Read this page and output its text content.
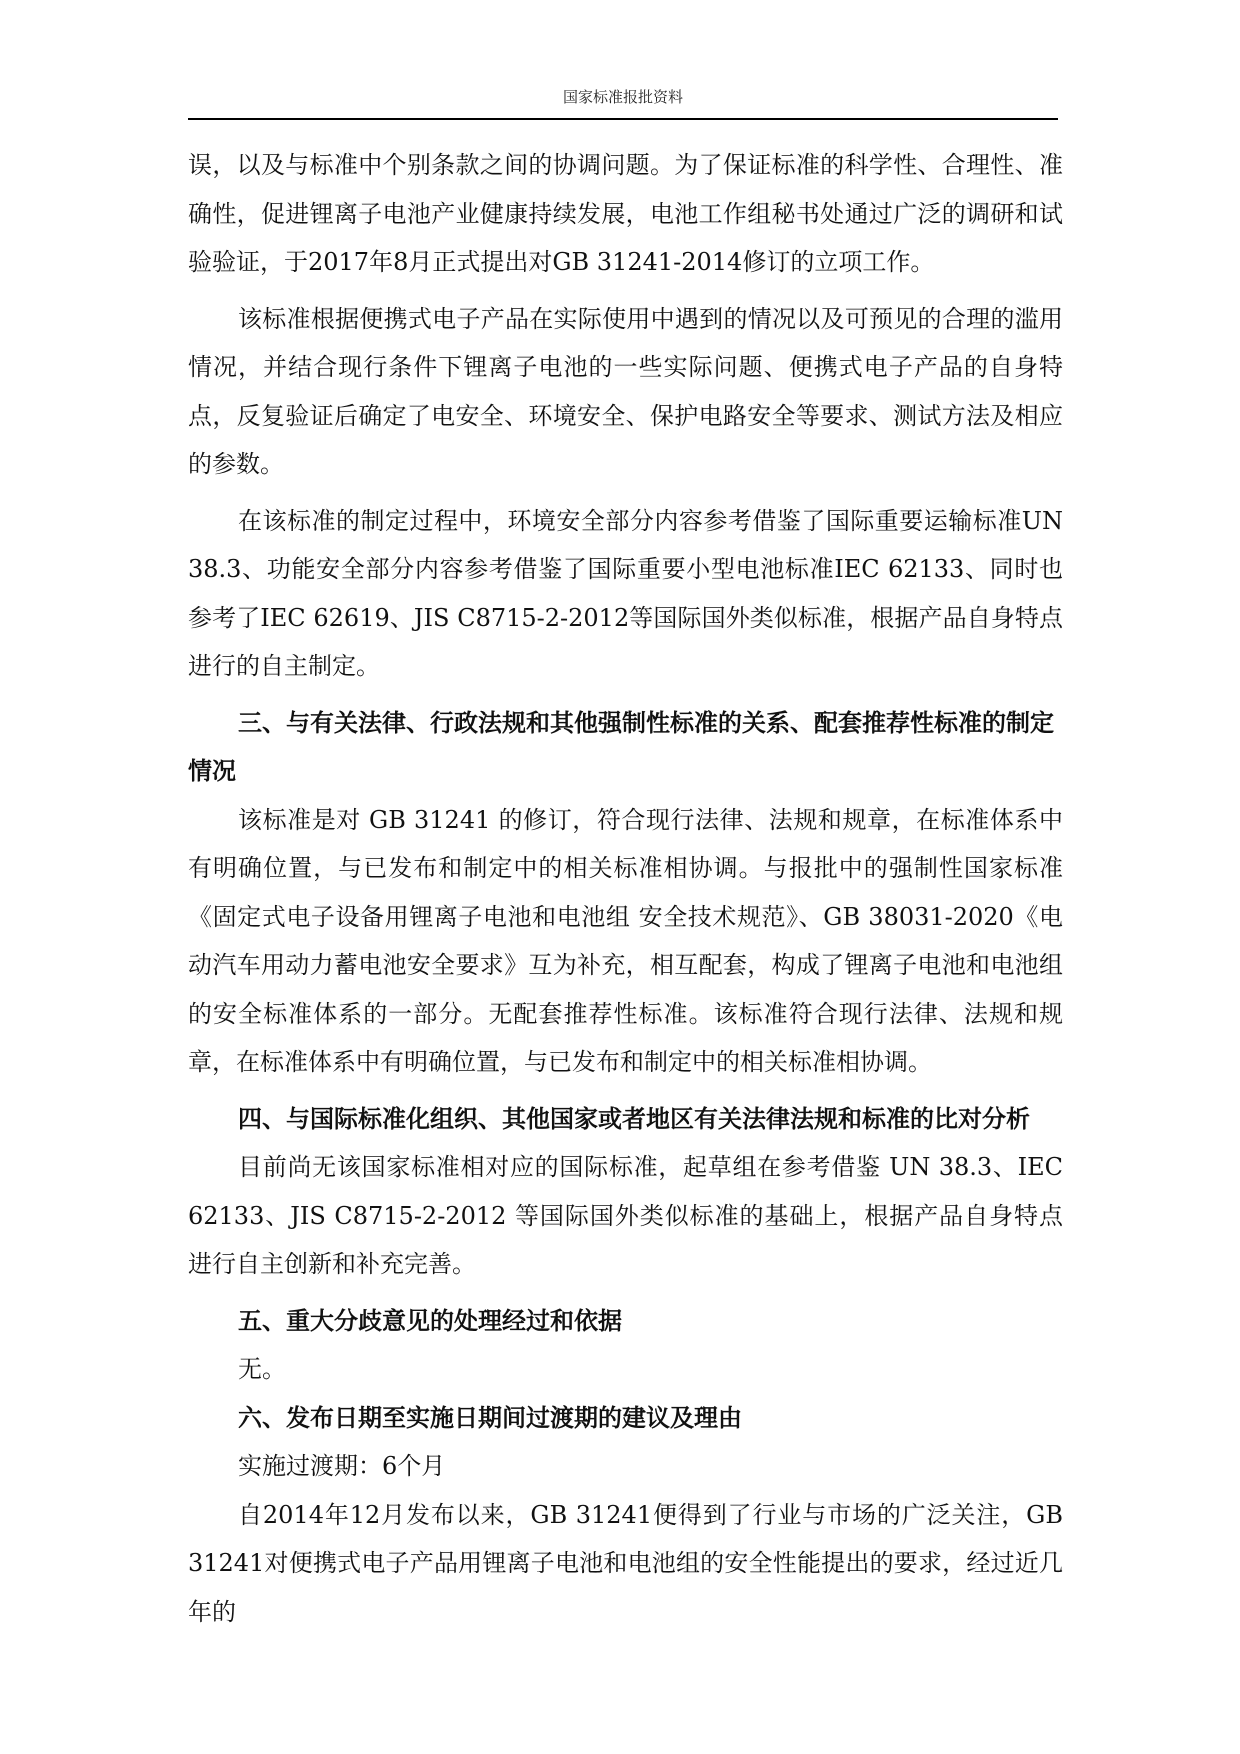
国家标准报批资料

误，以及与标准中个别条款之间的协调问题。为了保证标准的科学性、合理性、准确性，促进锂离子电池产业健康持续发展，电池工作组秘书处通过广泛的调研和试验验证，于2017年8月正式提出对GB 31241-2014修订的立项工作。

该标准根据便携式电子产品在实际使用中遇到的情况以及可预见的合理的滥用情况，并结合现行条件下锂离子电池的一些实际问题、便携式电子产品的自身特点，反复验证后确定了电安全、环境安全、保护电路安全等要求、测试方法及相应的参数。

在该标准的制定过程中，环境安全部分内容参考借鉴了国际重要运输标准UN 38.3、功能安全部分内容参考借鉴了国际重要小型电池标准IEC 62133、同时也参考了IEC 62619、JIS C8715-2-2012等国际国外类似标准，根据产品自身特点进行的自主制定。

三、与有关法律、行政法规和其他强制性标准的关系、配套推荐性标准的制定情况

该标准是对 GB 31241 的修订，符合现行法律、法规和规章，在标准体系中有明确位置，与已发布和制定中的相关标准相协调。与报批中的强制性国家标准《固定式电子设备用锂离子电池和电池组 安全技术规范》、GB 38031-2020《电动汽车用动力蓄电池安全要求》互为补充，相互配套，构成了锂离子电池和电池组的安全标准体系的一部分。无配套推荐性标准。该标准符合现行法律、法规和规章，在标准体系中有明确位置，与已发布和制定中的相关标准相协调。

四、与国际标准化组织、其他国家或者地区有关法律法规和标准的比对分析

目前尚无该国家标准相对应的国际标准，起草组在参考借鉴 UN 38.3、IEC 62133、JIS C8715-2-2012 等国际国外类似标准的基础上，根据产品自身特点进行自主创新和补充完善。

五、重大分歧意见的处理经过和依据

无。

六、发布日期至实施日期间过渡期的建议及理由

实施过渡期：6个月

自2014年12月发布以来，GB 31241便得到了行业与市场的广泛关注，GB 31241对便携式电子产品用锂离子电池和电池组的安全性能提出的要求，经过近几年的
